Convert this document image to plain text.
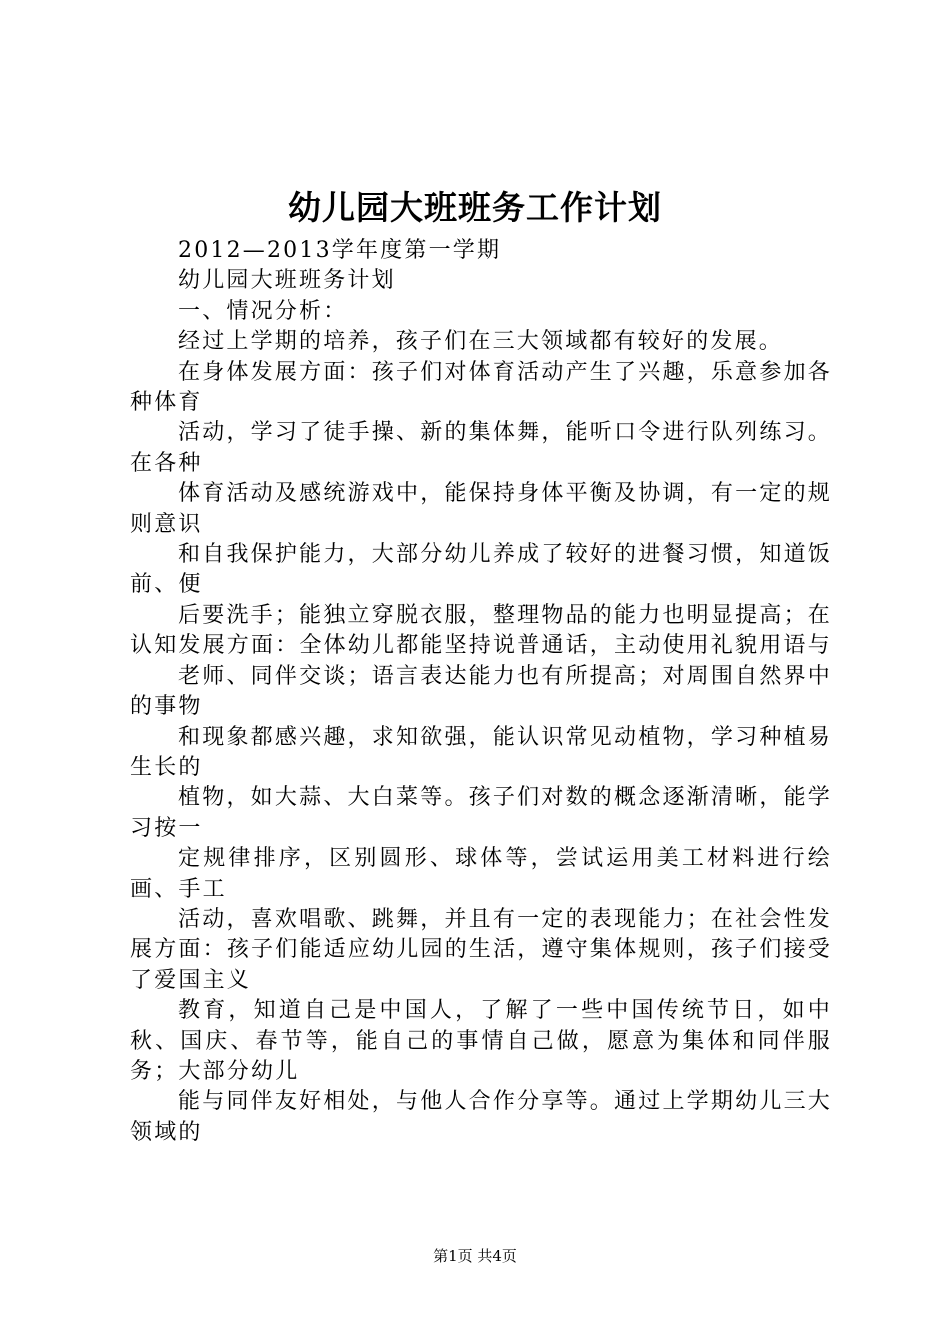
幼儿园大班班务工作计划

2012—2013学年度第一学期

幼儿园大班班务计划

一、情况分析：

经过上学期的培养，孩子们在三大领域都有较好的发展。

在身体发展方面：孩子们对体育活动产生了兴趣，乐意参加各种体育

活动，学习了徒手操、新的集体舞，能听口令进行队列练习。在各种

体育活动及感统游戏中，能保持身体平衡及协调，有一定的规则意识

和自我保护能力，大部分幼儿养成了较好的进餐习惯，知道饭前、便

后要洗手；能独立穿脱衣服，整理物品的能力也明显提高；在认知发展方面：全体幼儿都能坚持说普通话，主动使用礼貌用语与

老师、同伴交谈；语言表达能力也有所提高；对周围自然界中的事物

和现象都感兴趣，求知欲强，能认识常见动植物，学习种植易生长的

植物，如大蒜、大白菜等。孩子们对数的概念逐渐清晰，能学习按一

定规律排序，区别圆形、球体等，尝试运用美工材料进行绘画、手工

活动，喜欢唱歌、跳舞，并且有一定的表现能力；在社会性发展方面：孩子们能适应幼儿园的生活，遵守集体规则，孩子们接受了爱国主义

教育，知道自己是中国人，了解了一些中国传统节日，如中秋、国庆、春节等，能自己的事情自己做，愿意为集体和同伴服务；大部分幼儿

能与同伴友好相处，与他人合作分享等。通过上学期幼儿三大领域的

第1页 共4页
